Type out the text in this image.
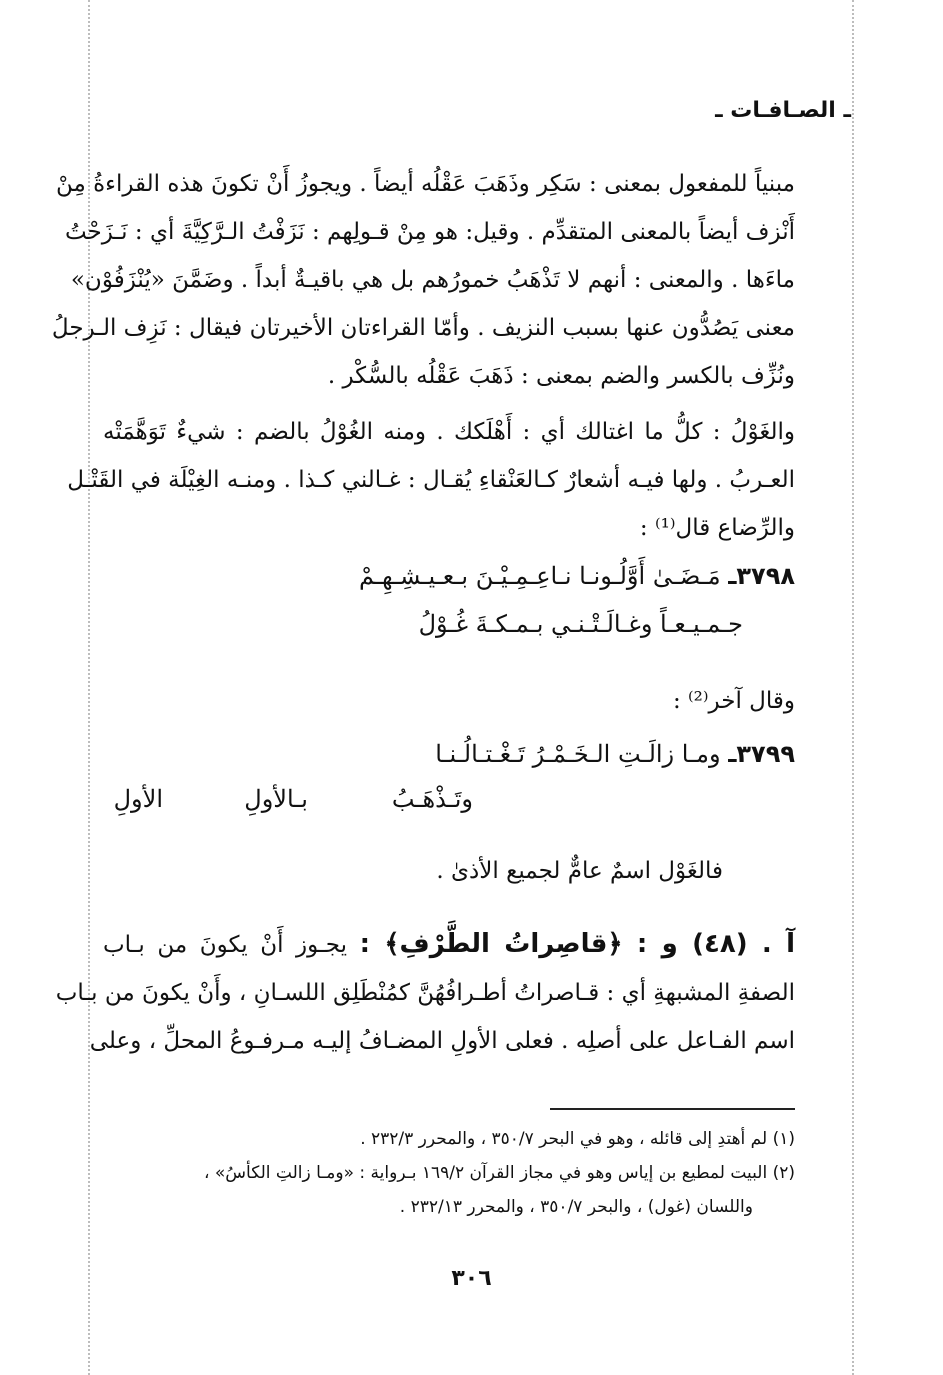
ـ الصـافـات ـ
مبنياً للمفعول بمعنى : سَكِر وذَهَبَ عَقْلُه أيضاً . ويجوزُ أَنْ تكونَ هذه القراءةُ مِنْ
أَنْزف أيضاً بالمعنى المتقدِّم . وقيل: هو مِنْ قـولِهم : نَزَفْتُ الـرَّكِيَّةَ أي : نَـزَحْتُ
ماءَها . والمعنى : أنهم لا تَذْهَبُ خمورُهم بل هي باقيـةٌ أبداً . وضَمَّنَ «يُنْزَفُوْن»
معنى يَصُدُّون عنها بسبب النزيف . وأمّا القراءتان الأخيرتان فيقال : نَزِف الـرجلُ
ونُزِّف بالكسر والضم بمعنى : ذَهَبَ عَقْلُه بالسُّكْر .
والغَوْلُ : كلُّ ما اغتالك أي : أَهْلَكك . ومنه الغُوْلُ بالضم : شيءٌ تَوَهَّمَتْه
العـربُ . ولها فيـه أشعارٌ كـالعَنْقاءِ يُقـال : غـالني كـذا . ومنـه الغِيْلَة في القَتْـل
والرِّضاع قال⁽¹⁾ :
٣٧٩٨ـ مَـضَـىٰ أَوَّلُـونـا نـاعِـمِـيْـنَ بـعـيـشِـهِـمْ
جـمـيـعـاً وغـالَـتْـنـي بـمـكـةَ غُـوْلُ
وقال آخر⁽²⁾ :
٣٧٩٩ـ ومـا زالَـتِ الـخَـمْـرُ تَـغْـتـالُـنـا
وتَـذْهَـبُ
بـالأولِ
الأولِ
فالغَوْل اسمٌ عامٌّ لجميع الأذىٰ .
آ . (٤٨) و : ﴿قاصِراتُ الطَّرْفِ﴾ : يجـوز أَنْ يكونَ من بـاب
الصفةِ المشبهةِ أي : قـاصراتُ أطـرافُهُنَّ كمُنْطَلِق اللسـانِ ، وأَنْ يكونَ من بـاب
اسم الفـاعل على أصلِه . فعلى الأولِ المضـافُ إليـه مـرفـوعُ المحلِّ ، وعلى
(١) لم أهتدِ إلى قائله ، وهو في البحر ٣٥٠/٧ ، والمحرر ٢٣٢/٣ .
(٢) البيت لمطيع بن إياس وهو في مجاز القرآن ١٦٩/٢ بـرواية : «ومـا زالتِ الكأسُ» ،
واللسان (غول) ، والبحر ٣٥٠/٧ ، والمحرر ٢٣٢/١٣ .
٣٠٦
